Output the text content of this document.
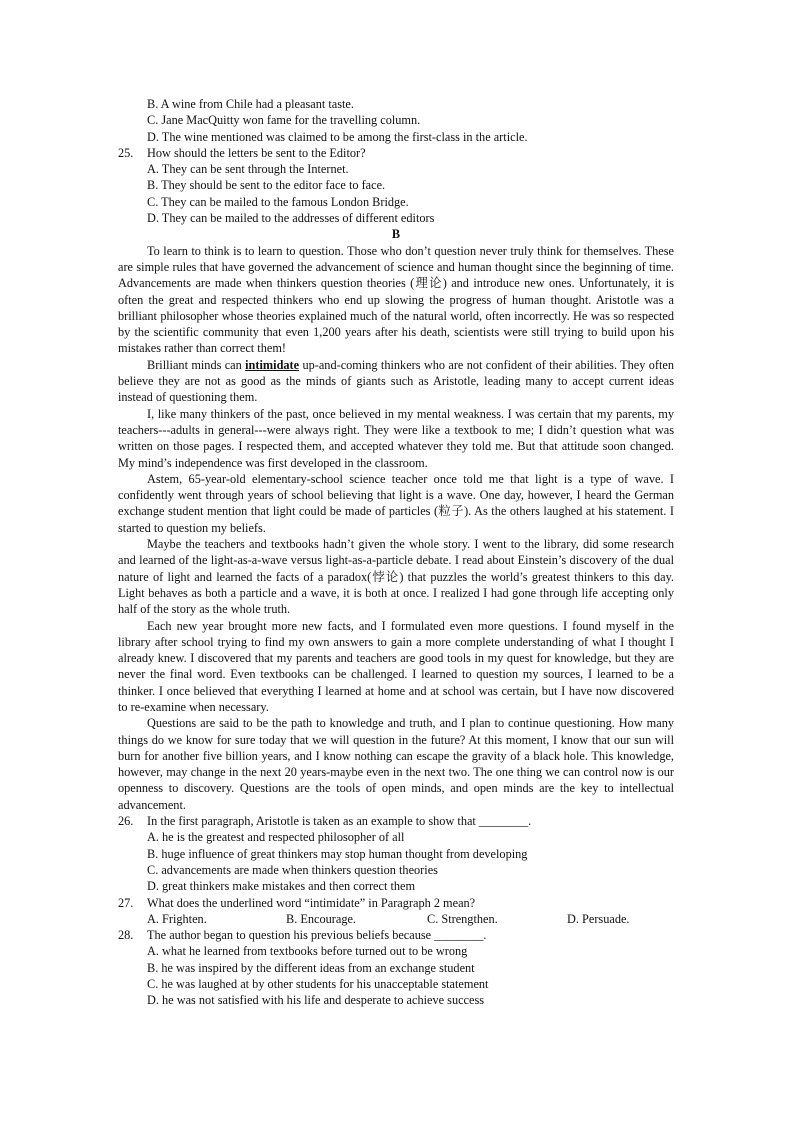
B. A wine from Chile had a pleasant taste.
C. Jane MacQuitty won fame for the travelling column.
D. The wine mentioned was claimed to be among the first-class in the article.
25. How should the letters be sent to the Editor?
A. They can be sent through the Internet.
B. They should be sent to the editor face to face.
C. They can be mailed to the famous London Bridge.
D. They can be mailed to the addresses of different editors
B

To learn to think is to learn to question. Those who don’t question never truly think for themselves. These are simple rules that have governed the advancement of science and human thought since the beginning of time. Advancements are made when thinkers question theories (理论) and introduce new ones. Unfortunately, it is often the great and respected thinkers who end up slowing the progress of human thought. Aristotle was a brilliant philosopher whose theories explained much of the natural world, often incorrectly. He was so respected by the scientific community that even 1,200 years after his death, scientists were still trying to build upon his mistakes rather than correct them!

Brilliant minds can intimidate up-and-coming thinkers who are not confident of their abilities. They often believe they are not as good as the minds of giants such as Aristotle, leading many to accept current ideas instead of questioning them.

I, like many thinkers of the past, once believed in my mental weakness. I was certain that my parents, my teachers---adults in general---were always right. They were like a textbook to me; I didn’t question what was written on those pages. I respected them, and accepted whatever they told me. But that attitude soon changed. My mind’s independence was first developed in the classroom.

Astem, 65-year-old elementary-school science teacher once told me that light is a type of wave. I confidently went through years of school believing that light is a wave. One day, however, I heard the German exchange student mention that light could be made of particles (粒子). As the others laughed at his statement. I started to question my beliefs.

Maybe the teachers and textbooks hadn’t given the whole story. I went to the library, did some research and learned of the light-as-a-wave versus light-as-a-particle debate. I read about Einstein’s discovery of the dual nature of light and learned the facts of a paradox(悖论) that puzzles the world’s greatest thinkers to this day. Light behaves as both a particle and a wave, it is both at once. I realized I had gone through life accepting only half of the story as the whole truth.

Each new year brought more new facts, and I formulated even more questions. I found myself in the library after school trying to find my own answers to gain a more complete understanding of what I thought I already knew. I discovered that my parents and teachers are good tools in my quest for knowledge, but they are never the final word. Even textbooks can be challenged. I learned to question my sources, I learned to be a thinker. I once believed that everything I learned at home and at school was certain, but I have now discovered to re-examine when necessary.

Questions are said to be the path to knowledge and truth, and I plan to continue questioning. How many things do we know for sure today that we will question in the future? At this moment, I know that our sun will burn for another five billion years, and I know nothing can escape the gravity of a black hole. This knowledge, however, may change in the next 20 years-maybe even in the next two. The one thing we can control now is our openness to discovery. Questions are the tools of open minds, and open minds are the key to intellectual advancement.

26. In the first paragraph, Aristotle is taken as an example to show that ________.
A. he is the greatest and respected philosopher of all
B. huge influence of great thinkers may stop human thought from developing
C. advancements are made when thinkers question theories
D. great thinkers make mistakes and then correct them
27. What does the underlined word “intimidate” in Paragraph 2 mean?
A. Frighten.	B. Encourage.	C. Strengthen.	D. Persuade.
28. The author began to question his previous beliefs because ________.
A. what he learned from textbooks before turned out to be wrong
B. he was inspired by the different ideas from an exchange student
C. he was laughed at by other students for his unacceptable statement
D. he was not satisfied with his life and desperate to achieve success
